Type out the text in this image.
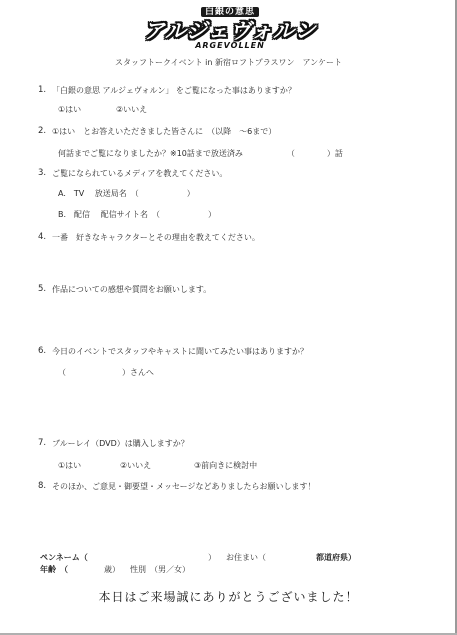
白銀の意思
アルジェヴォルン
ARGEVOLLEN
スタッフトークイベント in 新宿ロフトプラスワン　アンケート
1. 「白銀の意思 アルジェヴォルン」 をご覧になった事はありますか？
①はい	②いいえ
2. ①はい　とお答えいただきました皆さんに　（以降　～6まで）
何話までご覧になりましたか？※10話まで放送済み　　　　　　（　　　　）話
3. ご覧になられているメディアを教えてください。
A.　TV　 放送局名　（　　　　　　）
B.　配信　 配信サイト名　（　　　　　　）
4. 一番　好きなキャラクターとその理由を教えてください。
5. 作品についての感想や質問をお願いします。
6. 今日のイベントでスタッフやキャストに聞いてみたい事はありますか？
（　　　　　　　）さんへ
7. ブルーレイ（DVD）は購入しますか？
①はい	②いいえ	③前向きに検討中
8. そのほか、ご意見・御要望・メッセージなどありましたらお願いします！
ペンネーム（	） お住まい（	都道府県）
年齢　（	歳） 性別　（男／女）
本日はご来場誠にありがとうございました！
